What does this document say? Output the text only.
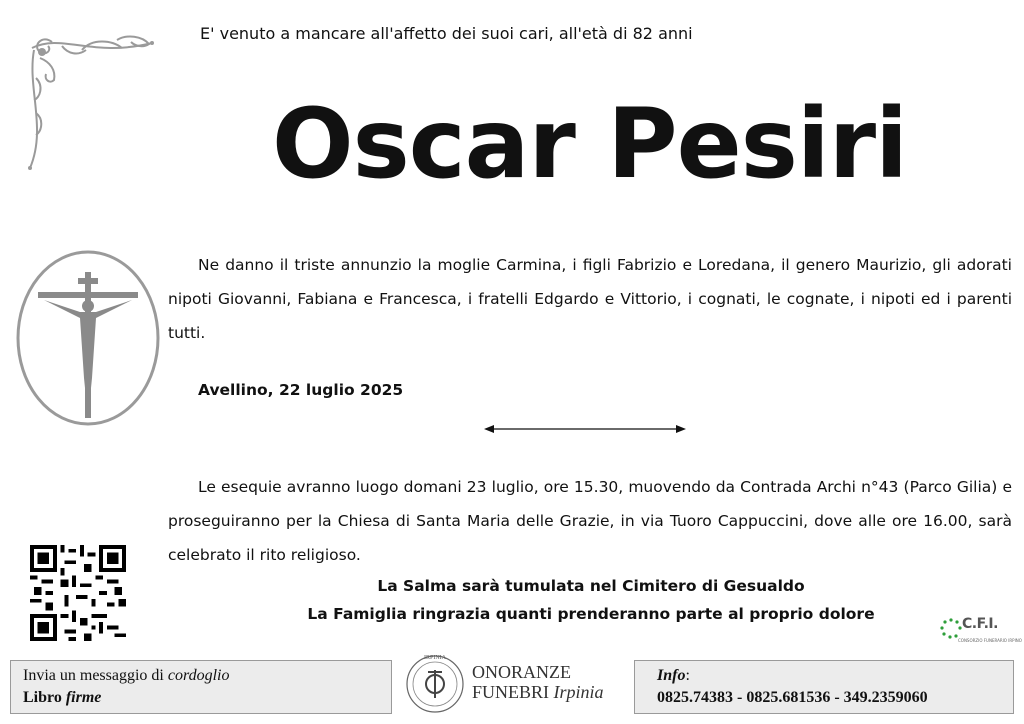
E' venuto a mancare all'affetto dei suoi cari, all'età di 82 anni
Oscar Pesiri
Ne danno il triste annunzio la moglie Carmina, i figli Fabrizio e Loredana, il genero Maurizio, gli adorati nipoti Giovanni, Fabiana e Francesca, i fratelli Edgardo e Vittorio, i cognati, le cognate, i nipoti ed i parenti tutti.
Avellino, 22 luglio 2025
Le esequie avranno luogo domani 23 luglio, ore 15.30, muovendo da Contrada Archi n°43 (Parco Gilia) e proseguiranno per la Chiesa di Santa Maria delle Grazie, in via Tuoro Cappuccini, dove alle ore 16.00, sarà celebrato il rito religioso.
La Salma sarà tumulata nel Cimitero di Gesualdo
La Famiglia ringrazia quanti prenderanno parte al proprio dolore
C.F.I.
CONSORZIO FUNERARIO IRPINO
Invia un messaggio di cordoglio
Libro firme
IRPINIA
ONORANZE
FUNEBRI Irpinia
Info:
0825.74383 - 0825.681536 - 349.2359060
